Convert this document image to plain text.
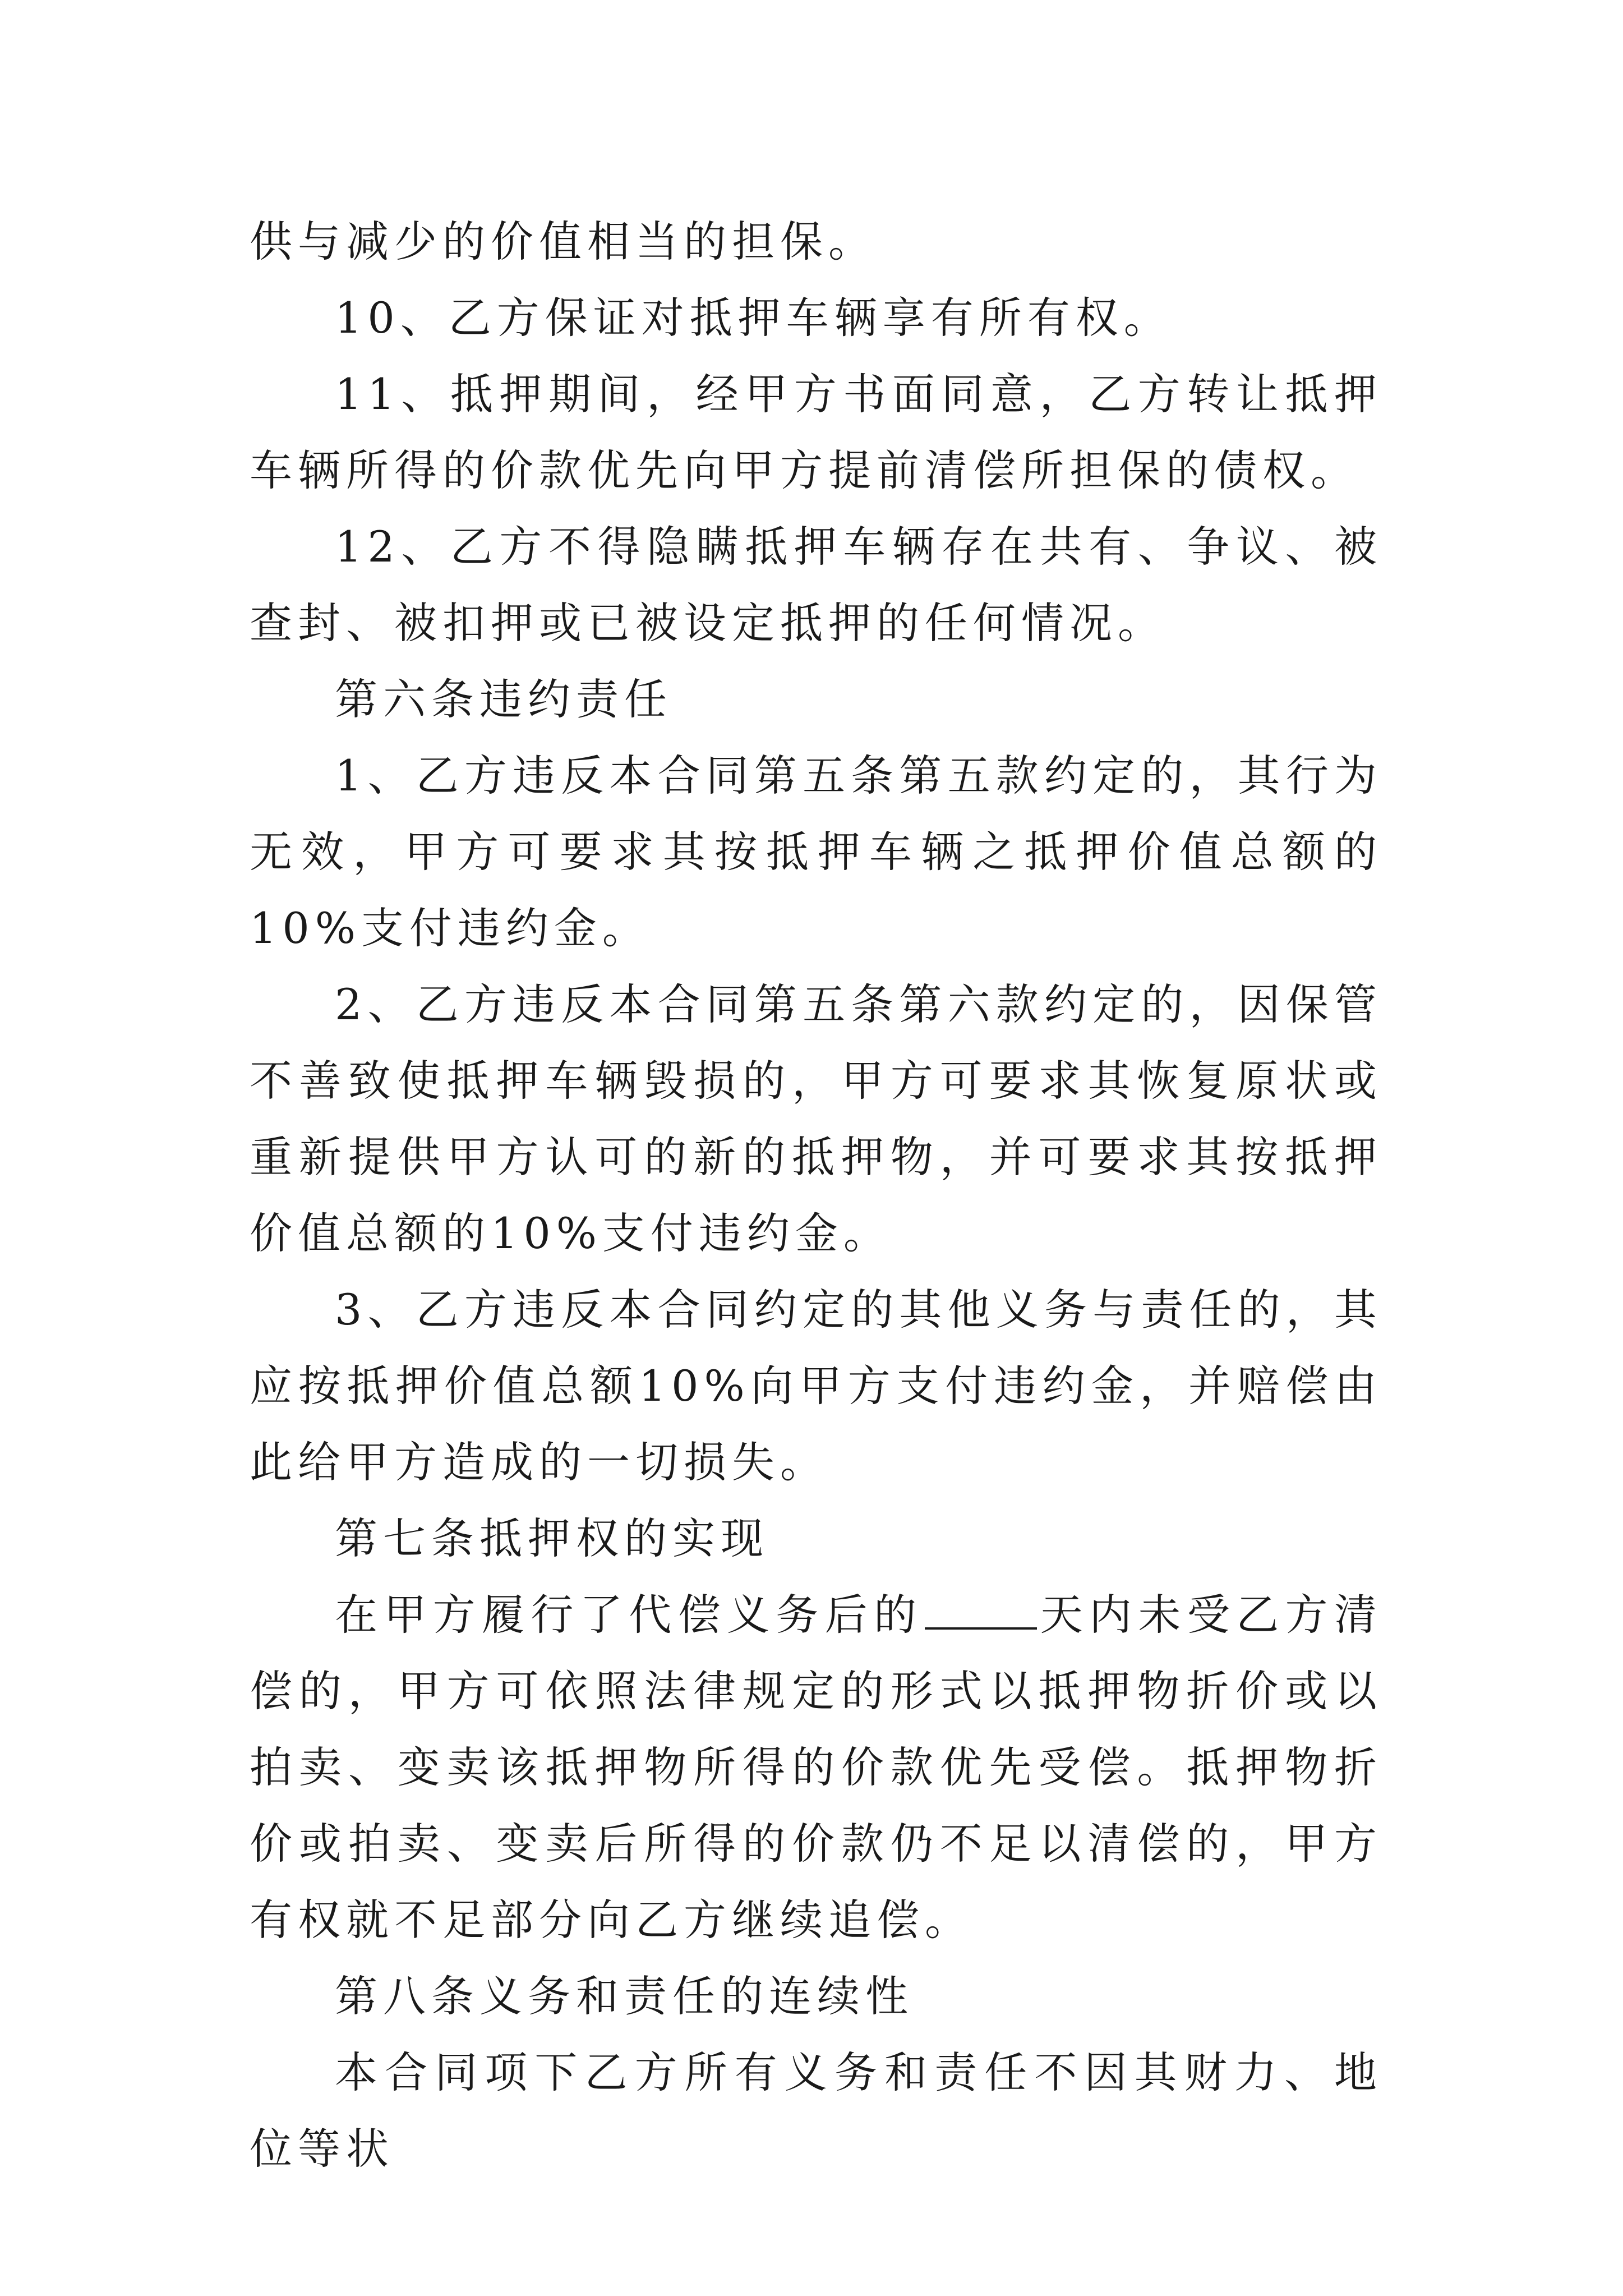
供与减少的价值相当的担保。

10、乙方保证对抵押车辆享有所有权。

11、抵押期间，经甲方书面同意，乙方转让抵押车辆所得的价款优先向甲方提前清偿所担保的债权。

12、乙方不得隐瞒抵押车辆存在共有、争议、被查封、被扣押或已被设定抵押的任何情况。

第六条违约责任

1、乙方违反本合同第五条第五款约定的，其行为无效，甲方可要求其按抵押车辆之抵押价值总额的10%支付违约金。

2、乙方违反本合同第五条第六款约定的，因保管不善致使抵押车辆毁损的，甲方可要求其恢复原状或重新提供甲方认可的新的抵押物，并可要求其按抵押价值总额的10%支付违约金。

3、乙方违反本合同约定的其他义务与责任的，其应按抵押价值总额10%向甲方支付违约金，并赔偿由此给甲方造成的一切损失。

第七条抵押权的实现

在甲方履行了代偿义务后的	天内未受乙方清偿的，甲方可依照法律规定的形式以抵押物折价或以拍卖、变卖该抵押物所得的价款优先受偿。抵押物折价或拍卖、变卖后所得的价款仍不足以清偿的，甲方有权就不足部分向乙方继续追偿。

第八条义务和责任的连续性

本合同项下乙方所有义务和责任不因其财力、地位等状
